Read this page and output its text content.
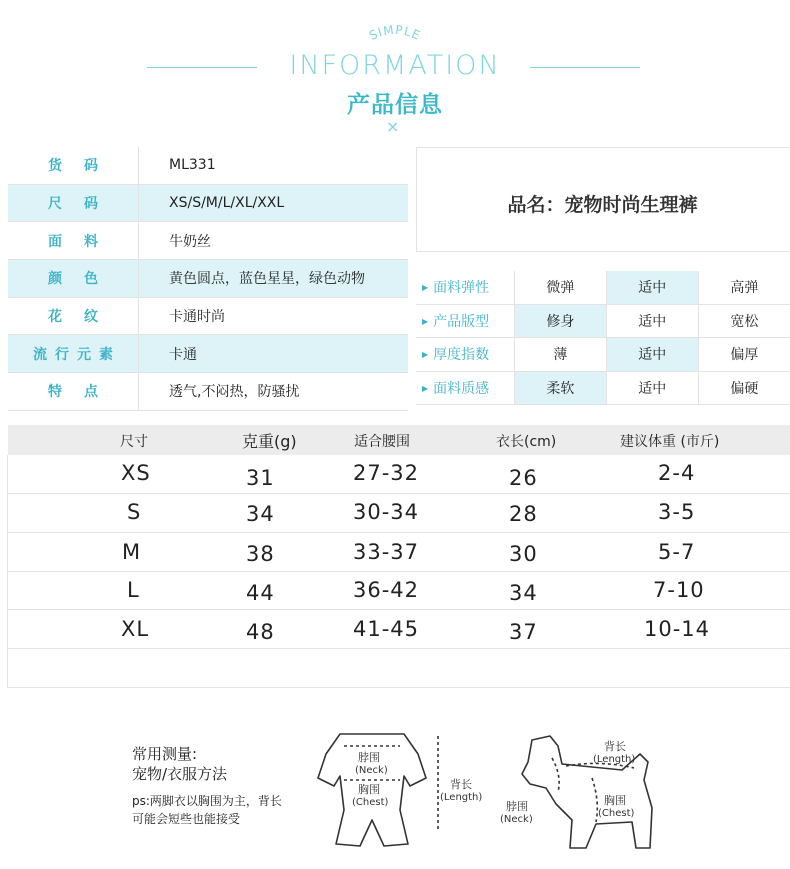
SIMPLE
INFORMATION
产品信息
×
货码	ML331
尺码	XS/S/M/L/XL/XXL
面料	牛奶丝
颜色	黄色圆点，蓝色星星，绿色动物
花纹	卡通时尚
流行元素	卡通
特点	透气,不闷热，防骚扰
品名：宠物时尚生理裤
▶ 面料弹性	微弹	适中	高弹
▶ 产品版型	修身	适中	宽松
▶ 厚度指数	薄	适中	偏厚
▶ 面料质感	柔软	适中	偏硬
尺寸	克重(g)	适合腰围	衣长(cm)	建议体重 (市斤)
XS	31	27-32	26	2-4
S	34	30-34	28	3-5
M	38	33-37	30	5-7
L	44	36-42	34	7-10
XL	48	41-45	37	10-14
常用测量:
宠物/衣服方法
ps:两脚衣以胸围为主，背长
可能会短些也能接受
脖围
(Neck)
胸围
(Chest)
背长
(Length)
背长
(Length)
脖围
(Neck)
胸围
(Chest)
